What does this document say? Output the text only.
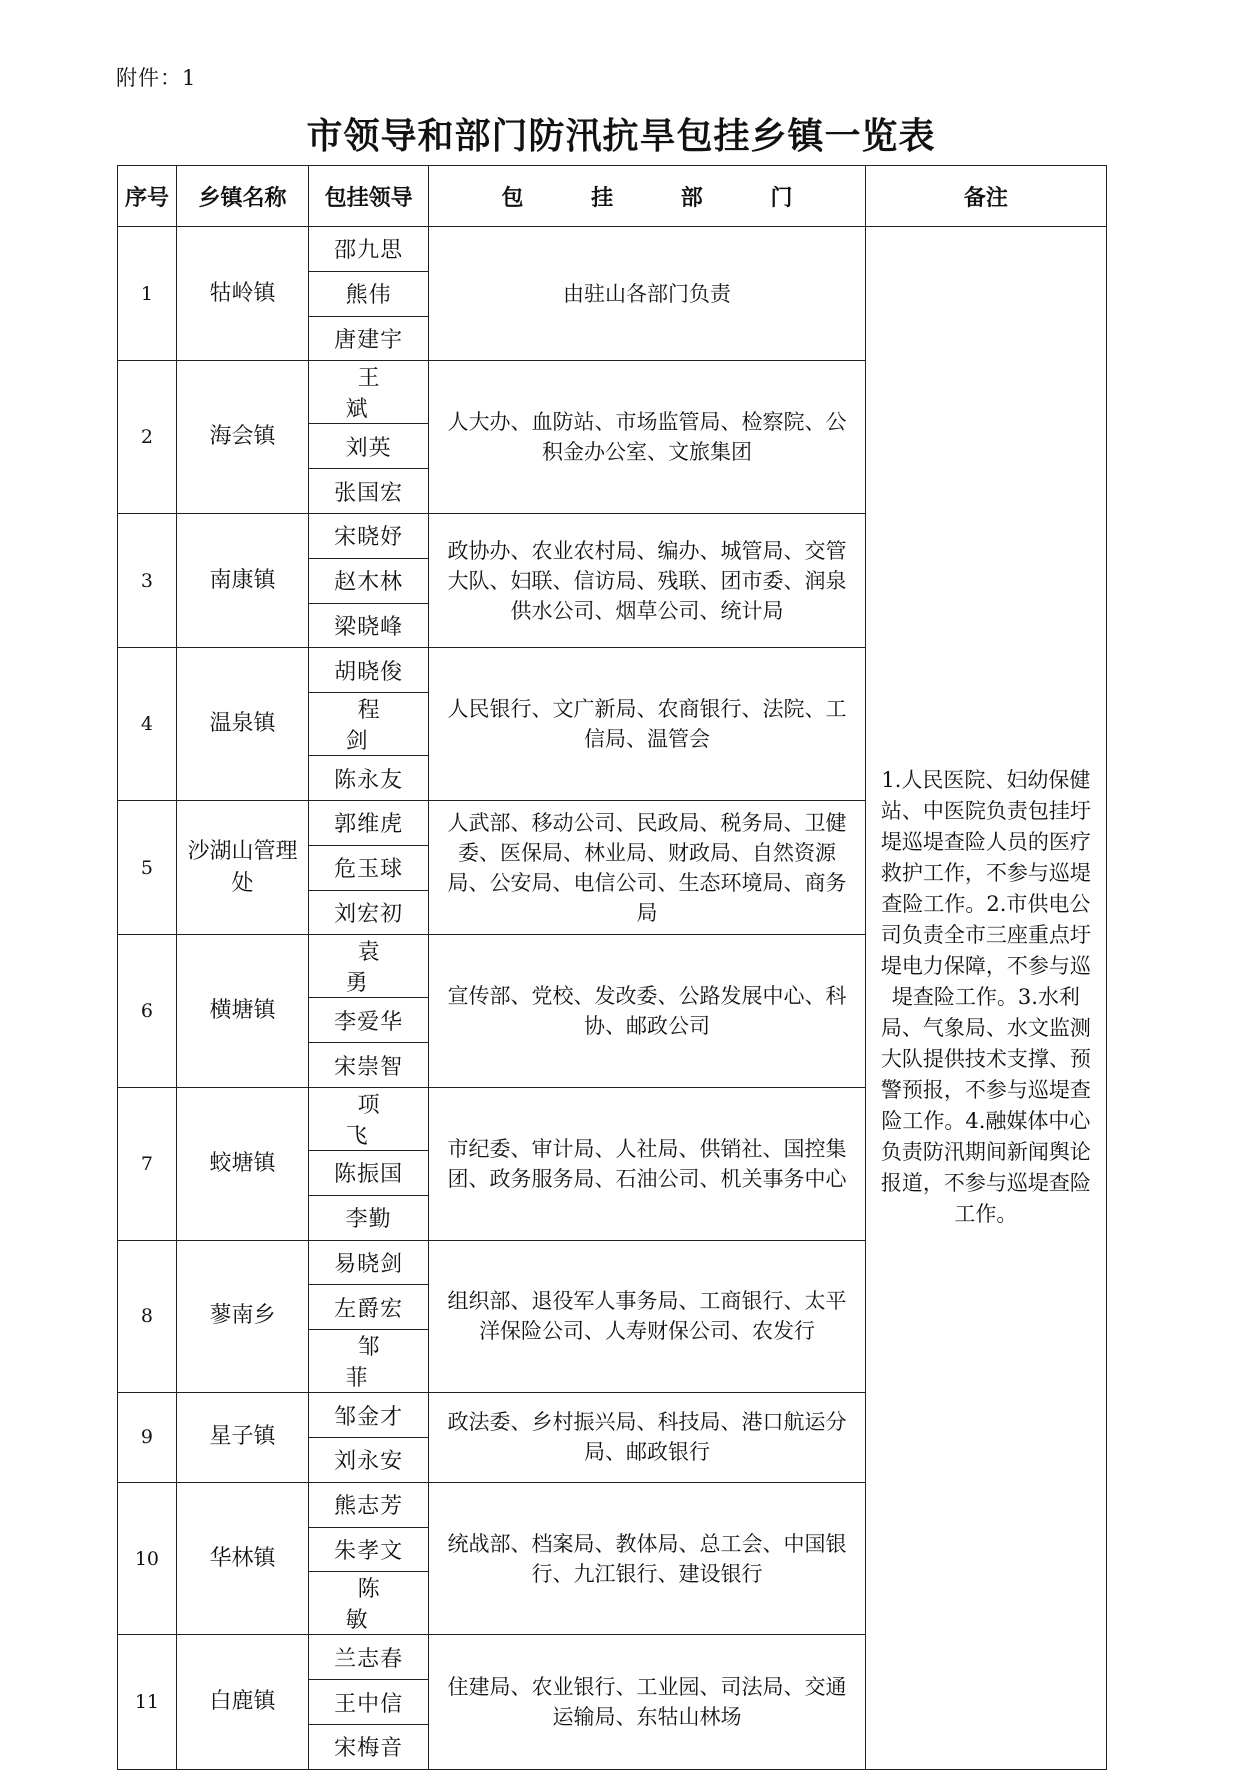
附件：1
市领导和部门防汛抗旱包挂乡镇一览表
序号	乡镇名称	包挂领导	包 挂 部 门	备注
1	牯岭镇	邵九思	由驻山各部门负责	1.人民医院、妇幼保健站、中医院负责包挂圩堤巡堤查险人员的医疗救护工作，不参与巡堤查险工作。2.市供电公司负责全市三座重点圩堤电力保障，不参与巡堤查险工作。3.水利局、气象局、水文监测大队提供技术支撑、预警预报，不参与巡堤查险工作。4.融媒体中心负责防汛期间新闻舆论报道，不参与巡堤查险工作。
		熊伟		
		唐建宇		
2	海会镇	王 斌	人大办、血防站、市场监管局、检察院、公积金办公室、文旅集团	
		刘英		
		张国宏		
3	南康镇	宋晓妤	政协办、农业农村局、编办、城管局、交管大队、妇联、信访局、残联、团市委、润泉供水公司、烟草公司、统计局	
		赵木林		
		梁晓峰		
4	温泉镇	胡晓俊	人民银行、文广新局、农商银行、法院、工信局、温管会	
		程 剑		
		陈永友		
5	沙湖山管理处	郭维虎	人武部、移动公司、民政局、税务局、卫健委、医保局、林业局、财政局、自然资源局、公安局、电信公司、生态环境局、商务局	
		危玉球		
		刘宏初		
6	横塘镇	袁 勇	宣传部、党校、发改委、公路发展中心、科协、邮政公司	
		李爱华		
		宋崇智		
7	蛟塘镇	项 飞	市纪委、审计局、人社局、供销社、国控集团、政务服务局、石油公司、机关事务中心	
		陈振国		
		李勤		
8	蓼南乡	易晓剑	组织部、退役军人事务局、工商银行、太平洋保险公司、人寿财保公司、农发行	
		左爵宏		
		邹 菲		
9	星子镇	邹金才	政法委、乡村振兴局、科技局、港口航运分局、邮政银行	
		刘永安		
10	华林镇	熊志芳	统战部、档案局、教体局、总工会、中国银行、九江银行、建设银行	
		朱孝文		
		陈 敏		
11	白鹿镇	兰志春	住建局、农业银行、工业园、司法局、交通运输局、东牯山林场	
		王中信		
		宋梅音		
